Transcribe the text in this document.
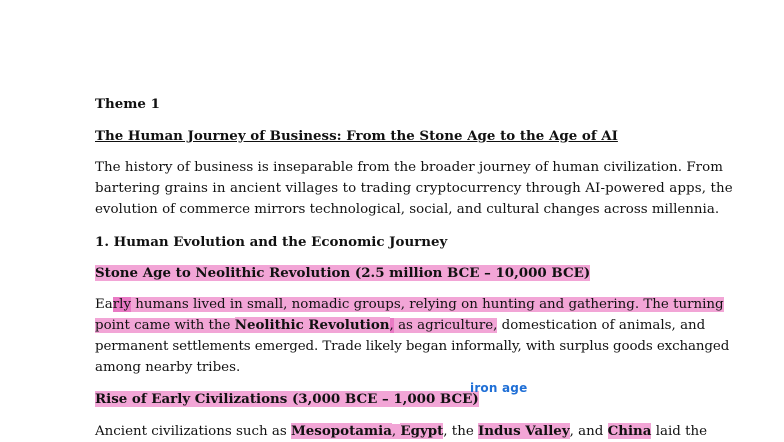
Theme 1
The Human Journey of Business: From the Stone Age to the Age of AI
The history of business is inseparable from the broader journey of human civilization. From
bartering grains in ancient villages to trading cryptocurrency through AI-powered apps, the
evolution of commerce mirrors technological, social, and cultural changes across millennia.
1. Human Evolution and the Economic Journey
Stone Age to Neolithic Revolution (2.5 million BCE – 10,000 BCE)
Early humans lived in small, nomadic groups, relying on hunting and gathering. The turning
point came with the Neolithic Revolution, as agriculture, domestication of animals, and
permanent settlements emerged. Trade likely began informally, with surplus goods exchanged
among nearby tribes.
Rise of Early Civilizations (3,000 BCE – 1,000 BCE)
iron age
Ancient civilizations such as Mesopotamia, Egypt, the Indus Valley, and China laid the
